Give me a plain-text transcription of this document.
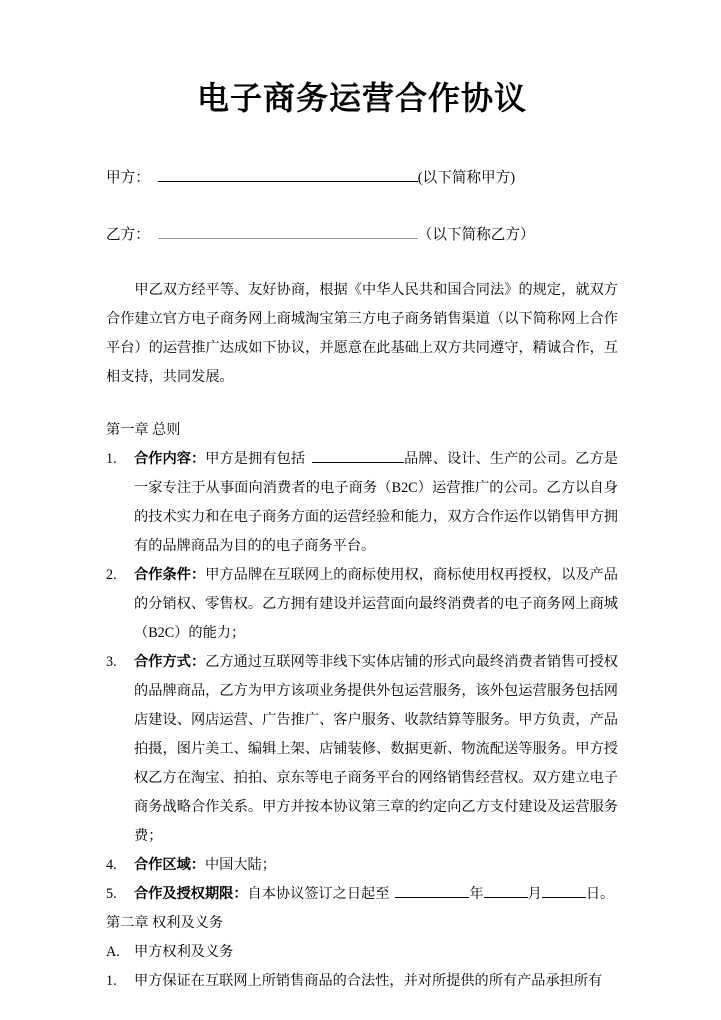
电子商务运营合作协议
甲方：	(以下简称甲方)
乙方：	（以下简称乙方）

甲乙双方经平等、友好协商，根据《中华人民共和国合同法》的规定，就双方合作建立官方电子商务网上商城淘宝第三方电子商务销售渠道（以下简称网上合作平台）的运营推广达成如下协议，并愿意在此基础上双方共同遵守，精诚合作，互相支持，共同发展。

第一章 总则
1. 合作内容：甲方是拥有包括	品牌、设计、生产的公司。乙方是一家专注于从事面向消费者的电子商务（B2C）运营推广的公司。乙方以自身的技术实力和在电子商务方面的运营经验和能力，双方合作运作以销售甲方拥有的品牌商品为目的的电子商务平台。
2. 合作条件：甲方品牌在互联网上的商标使用权，商标使用权再授权，以及产品的分销权、零售权。乙方拥有建设并运营面向最终消费者的电子商务网上商城（B2C）的能力；
3. 合作方式：乙方通过互联网等非线下实体店铺的形式向最终消费者销售可授权的品牌商品，乙方为甲方该项业务提供外包运营服务，该外包运营服务包括网店建设、网店运营、广告推广、客户服务、收款结算等服务。甲方负责，产品拍摄，图片美工、编辑上架、店铺装修、数据更新、物流配送等服务。甲方授权乙方在淘宝、拍拍、京东等电子商务平台的网络销售经营权。双方建立电子商务战略合作关系。甲方并按本协议第三章的约定向乙方支付建设及运营服务费；
4. 合作区域：中国大陆；
5. 合作及授权期限：自本协议签订之日起至	年	月	日。
第二章 权利及义务
A. 甲方权利及义务
1. 甲方保证在互联网上所销售商品的合法性，并对所提供的所有产品承担所有
